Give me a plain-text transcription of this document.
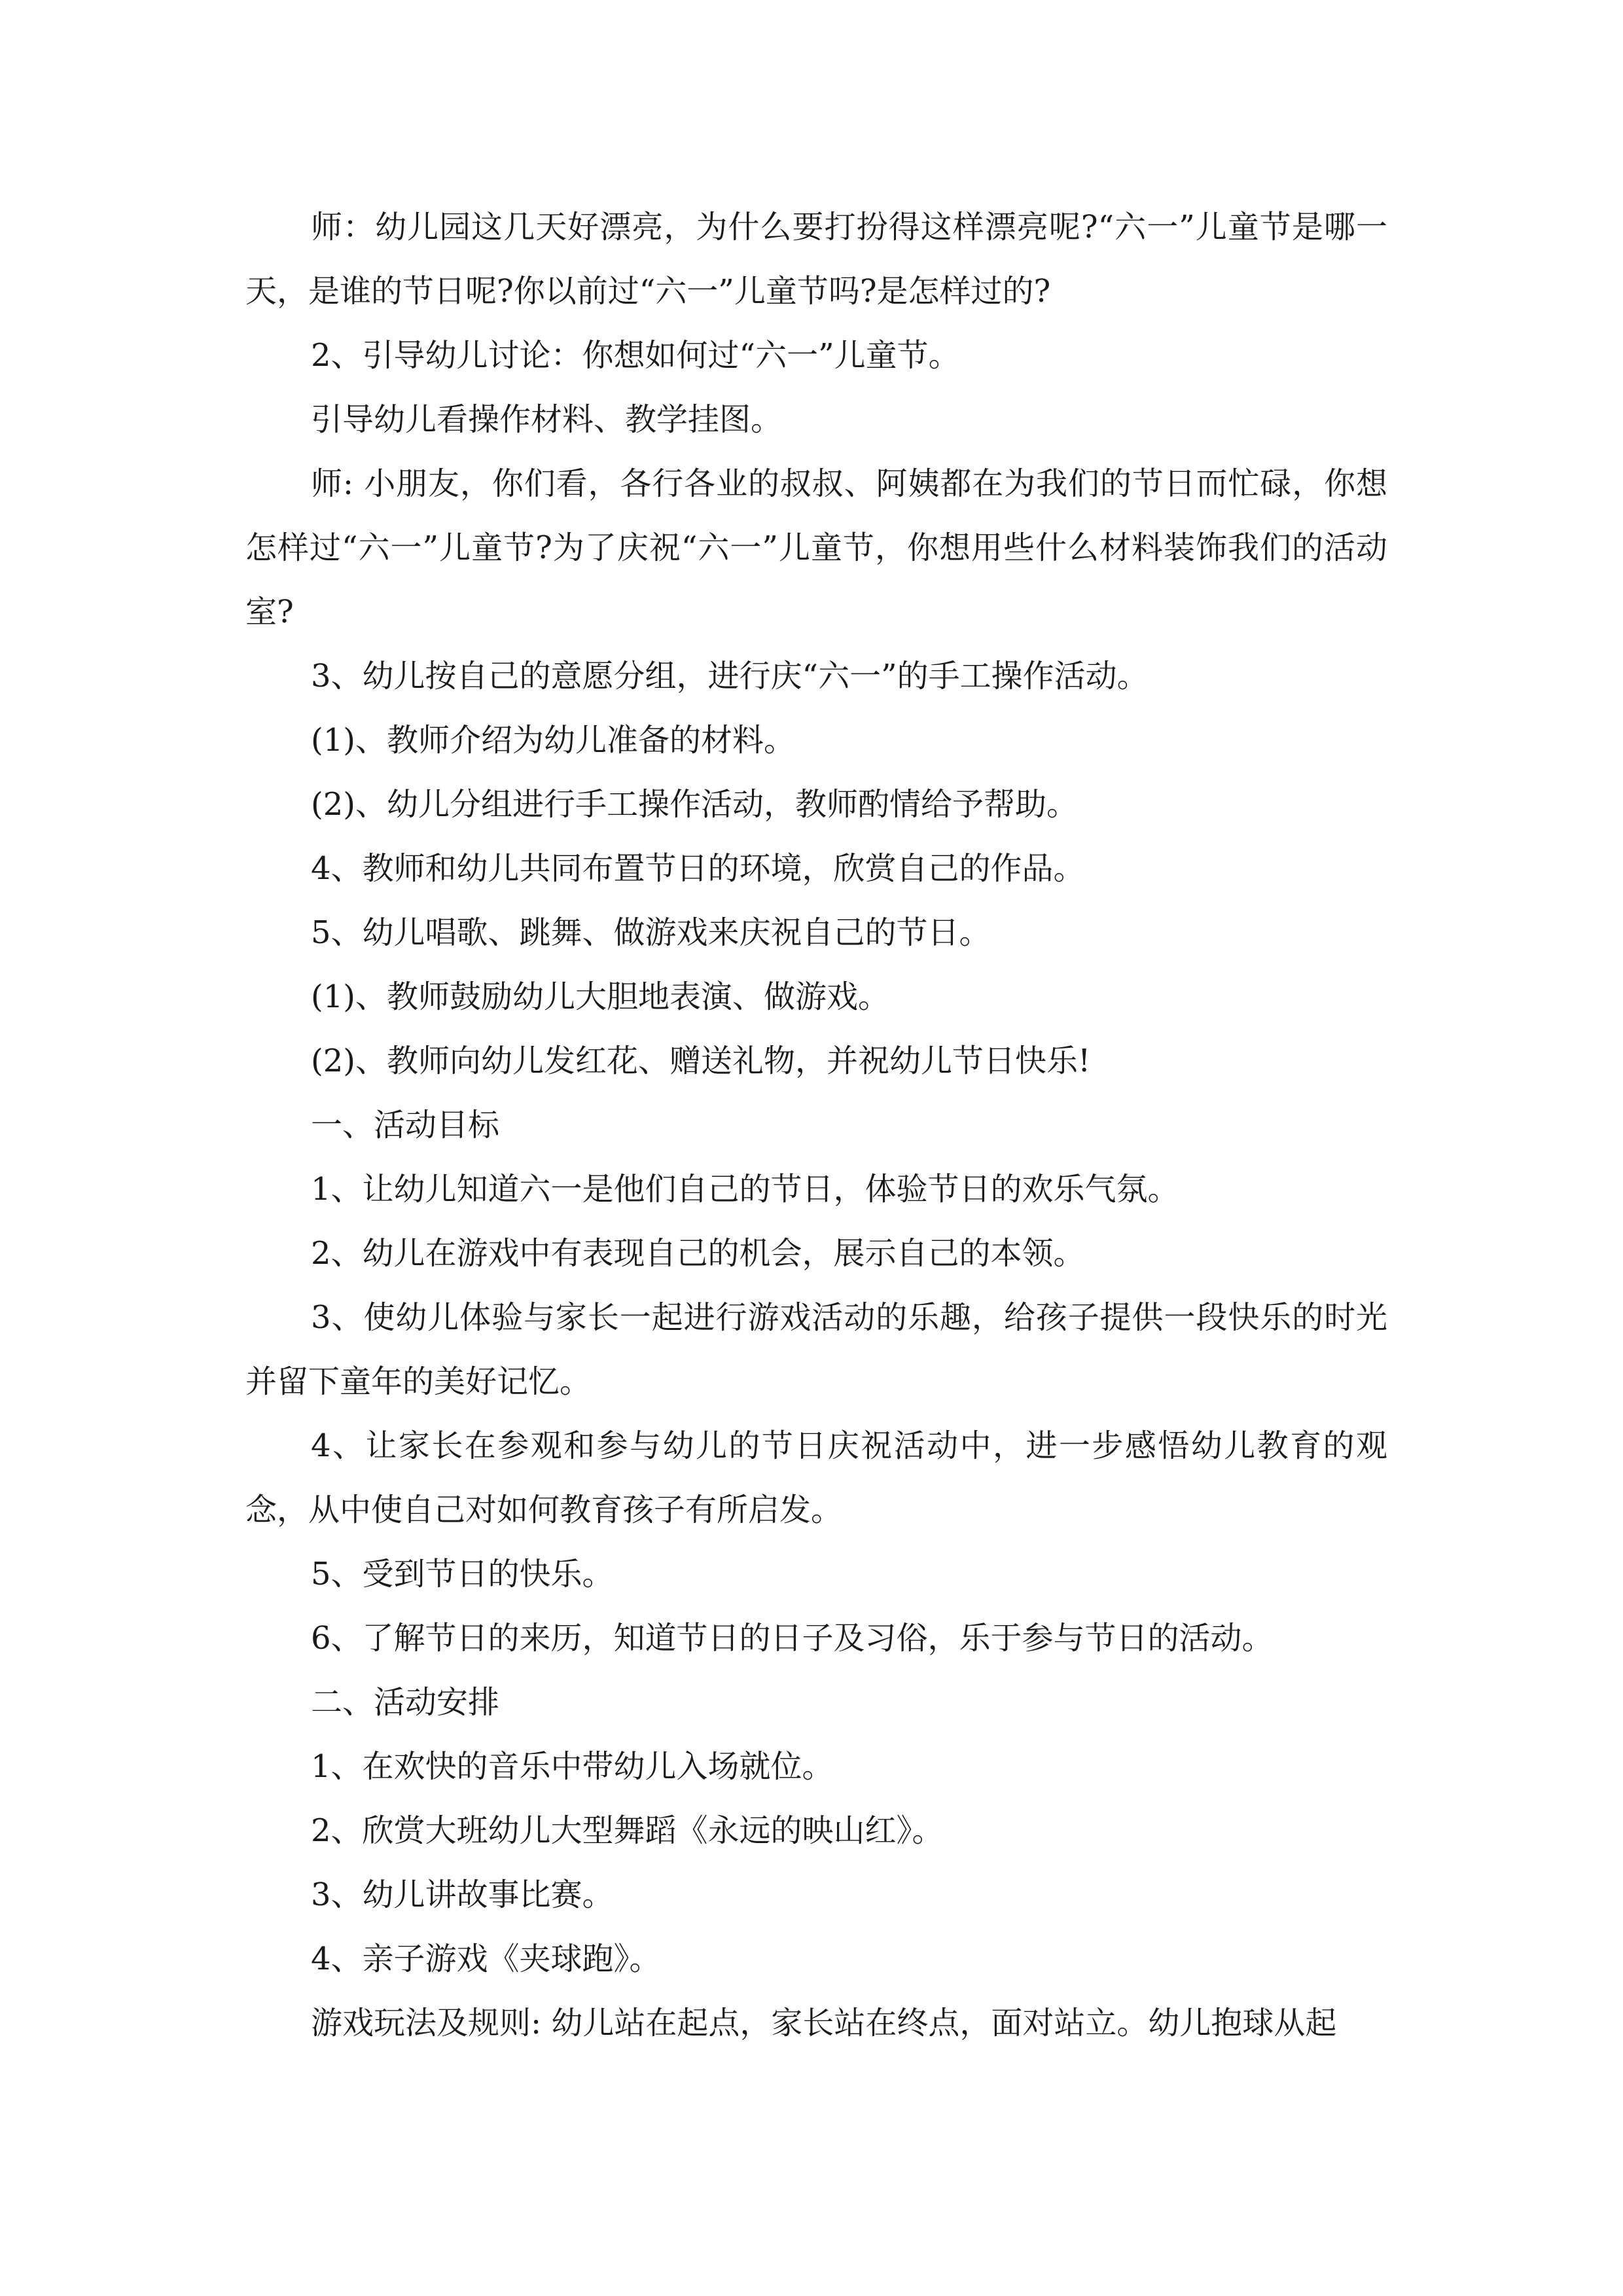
师：幼儿园这几天好漂亮，为什么要打扮得这样漂亮呢?“六一”儿童节是哪一天，是谁的节日呢?你以前过“六一”儿童节吗?是怎样过的?

2、引导幼儿讨论：你想如何过“六一”儿童节。

引导幼儿看操作材料、教学挂图。

师: 小朋友，你们看，各行各业的叔叔、阿姨都在为我们的节日而忙碌，你想怎样过“六一”儿童节?为了庆祝“六一”儿童节，你想用些什么材料装饰我们的活动室?

3、幼儿按自己的意愿分组，进行庆“六一”的手工操作活动。

(1)、教师介绍为幼儿准备的材料。

(2)、幼儿分组进行手工操作活动，教师酌情给予帮助。

4、教师和幼儿共同布置节日的环境，欣赏自己的作品。

5、幼儿唱歌、跳舞、做游戏来庆祝自己的节日。

(1)、教师鼓励幼儿大胆地表演、做游戏。

(2)、教师向幼儿发红花、赠送礼物，并祝幼儿节日快乐!

一、活动目标

1、让幼儿知道六一是他们自己的节日，体验节日的欢乐气氛。

2、幼儿在游戏中有表现自己的机会，展示自己的本领。

3、使幼儿体验与家长一起进行游戏活动的乐趣，给孩子提供一段快乐的时光并留下童年的美好记忆。

4、让家长在参观和参与幼儿的节日庆祝活动中，进一步感悟幼儿教育的观念，从中使自己对如何教育孩子有所启发。

5、受到节日的快乐。

6、了解节日的来历，知道节日的日子及习俗，乐于参与节日的活动。

二、活动安排

1、在欢快的音乐中带幼儿入场就位。

2、欣赏大班幼儿大型舞蹈《永远的映山红》。

3、幼儿讲故事比赛。

4、亲子游戏《夹球跑》。

游戏玩法及规则: 幼儿站在起点，家长站在终点，面对站立。幼儿抱球从起
